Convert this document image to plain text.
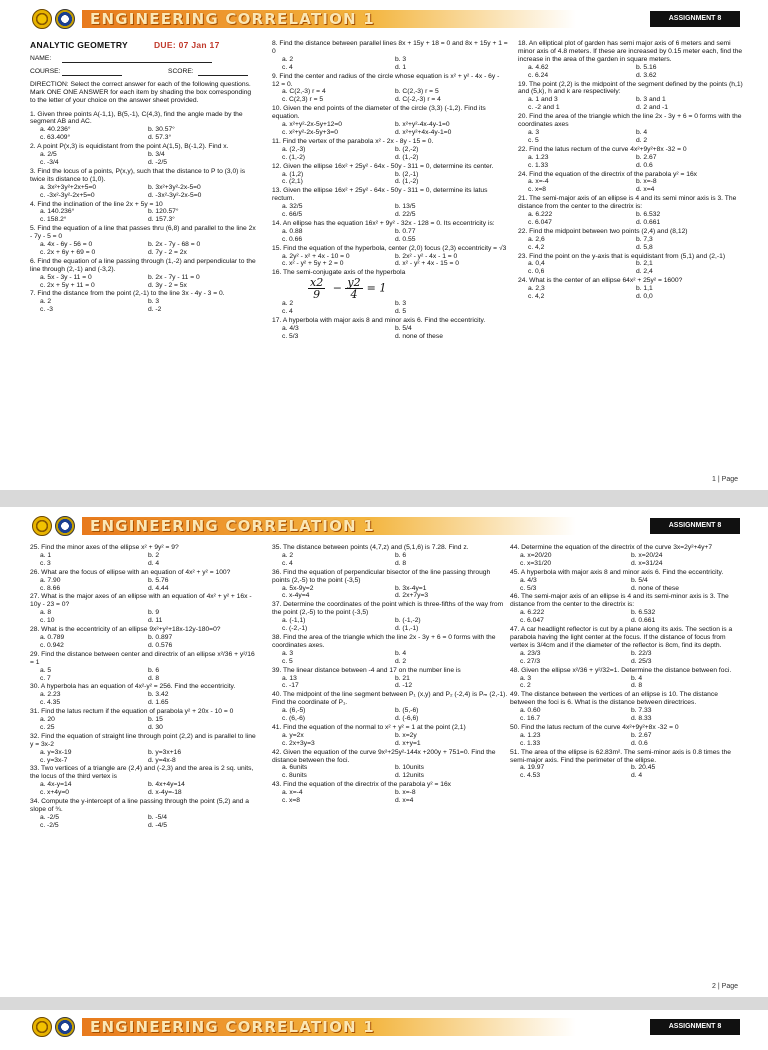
ENGINEERING CORRELATION 1	ASSIGNMENT 8
ANALYTIC GEOMETRY	DUE: 07 Jan 17
NAME:
COURSE:	SCORE:
DIRECTION: Select the correct answer for each of the following questions. Mark ONE ONE ANSWER for each item by shading the box corresponding to the letter of your choice on the answer sheet provided.
1. Given three points A(-1,1), B(5,-1), C(4,3), find the angle made by the segment AB and AC.
a. 40.236°	b. 30.57°
c. 63.409°	d. 57.3°
2. A point P(x,3) is equidistant from the point A(1,5), B(-1,2). Find x.
a. 2/5	b. 3/4
c. -3/4	d. -2/5
3. Find the locus of a points, P(x,y), such that the distance to P to (3,0) is twice its distance to (1,0).
a. 3x²+3y²+2x+5=0	b. 3x²+3y²-2x-5=0
c. -3x²-3y²-2x+5=0	d. -3x²-3y²-2x-5=0
4. Find the inclination of the line 2x + 5y = 10
a. 140.236°	b. 120.57°
c. 158.2°	d. 157.3°
5. Find the equation of a line that passes thru (6,8) and parallel to the line 2x - 7y - 5 = 0
a. 4x - 6y - 56 = 0	b. 2x - 7y - 68 = 0
c. 2x + 6y + 69 = 0	d. 7y - 2 = 2x
6. Find the equation of a line passing through (1,-2) and perpendicular to the line through (2,-1) and (-3,2).
a. 5x - 3y - 11 = 0	b. 2x - 7y - 11 = 0
c. 2x + 5y + 11 = 0	d. 3y - 2 = 5x
7. Find the distance from the point (2,-1) to the line 3x - 4y - 3 = 0.
a. 2	b. 3
c. -3	d. -2
8. Find the distance between parallel lines 8x + 15y + 18 = 0 and 8x + 15y + 1 = 0
a. 2	b. 3
c. 4	d. 1
9. Find the center and radius of the circle whose equation is x² + y² - 4x - 6y - 12 = 0.
a. C(2,-3) r = 4	b. C(2,-3) r = 5
c. C(2,3) r = 5	d. C(-2,-3) r = 4
10. Given the end points of the diameter of the circle (3,3) (-1,2). Find its equation.
a. x²+y²-2x-5y+12=0	b. x²+y²-4x-4y-1=0
c. x²+y²-2x-5y+3=0	d. x²+y²+4x-4y-1=0
11. Find the vertex of the parabola x² - 2x - 8y - 15 = 0.
a. (2,-3)	b. (2,-2)
c. (1,-2)	d. (1,-2)
12. Given the ellipse 16x² + 25y² - 64x - 50y - 311 = 0, determine its center.
a. (1,2)	b. (2,-1)
c. (2,1)	d. (1,-2)
13. Given the ellipse 16x² + 25y² - 64x - 50y - 311 = 0, determine its latus rectum.
a. 32/5	b. 13/5
c. 66/5	d. 22/5
14. An ellipse has the equation 16x² + 9y² - 32x - 128 = 0. Its eccentricity is:
a. 0.88	b. 0.77
c. 0.66	d. 0.55
15. Find the equation of the hyperbola, center (2,0) focus (2,3) eccentricity = √3
a. 2y² - x² + 4x - 10 = 0	b. 2x² - y² - 4x - 1 = 0
c. x² - y² + 5y + 2 = 0	d. x² - y² + 4x - 15 = 0
16. The semi-conjugate axis of the hyperbola
$\frac{x2}{9} - \frac{y2}{4} = 1$
a. 2	b. 3
c. 4	d. 5
17. A hyperbola with major axis 8 and minor axis 6. Find the eccentricity.
a. 4/3	b. 5/4
c. 5/3	d. none of these
18. An elliptical plot of garden has semi major axis of 6 meters and semi minor axis of 4.8 meters. If these are increased by 0.15 meter each, find the increase in the area of the garden in square meters.
a. 4.62	b. 5.16
c. 6.24	d. 3.62
19. The point (2,2) is the midpoint of the segment defined by the points (h,1) and (5,k), h and k are respectively:
a. 1 and 3	b. 3 and 1
c. -2 and 1	d. 2 and -1
20. Find the area of the triangle which the line 2x - 3y + 6 = 0 forms with the coordinates axes
a. 3	b. 4
c. 5	d. 2
22. Find the latus rectum of the curve 4x²+9y²+8x -32 = 0
a. 1.23	b. 2.67
c. 1.33	d. 0.6
24. Find the equation of the directrix of the parabola y² = 16x
a. x=-4	b. x=-8
c. x=8	d. x=4
21. The semi-major axis of an ellipse is 4 and its semi minor axis is 3. The distance from the center to the directrix is:
a. 6.222	b. 6.532
c. 6.047	d. 0.661
22. Find the midpoint between two points (2,4) and (8,12)
a. 2,6	b. 7,3
c. 4,2	d. 5,8
23. Find the point on the y-axis that is equidistant from (5,1) and (2,-1)
a. 0,4	b. 2,1
c. 0,6	d. 2,4
24. What is the center of an ellipse 64x² + 25y² = 1600?
a. 2,3	b. 1,1
c. 4,2	d. 0,0
1 | Page
ENGINEERING CORRELATION 1	ASSIGNMENT 8
25. Find the minor axes of the ellipse x² + 9y² = 9?
a. 1	b. 2
c. 3	d. 4
26. What are the focus of ellipse with an equation of 4x² + y² = 100?
a. 7.90	b. 5.76
c. 8.66	d. 4.44
27. What is the major axes of an ellipse with an equation of 4x² + y² + 16x - 10y - 23 = 0?
a. 8	b. 9
c. 10	d. 11
28. What is the eccentricity of an ellipse 9x²+y²+18x-12y-180=0?
a. 0.789	b. 0.897
c. 0.942	d. 0.576
29. Find the distance between center and directrix of an ellipse x²/36 + y²/16 = 1
a. 5	b. 6
c. 7	d. 8
30. A hyperbola has an equation of 4x²-y² = 256. Find the eccentricity.
a. 2.23	b. 3.42
c. 4.35	d. 1.65
31. Find the latus rectum if the equation of parabola y² + 20x - 10 = 0
a. 20	b. 15
c. 25	d. 30
32. Find the equation of straight line through point (2,2) and is parallel to line y = 3x-2
a. y=3x-19	b. y=3x+16
c. y=3x-7	d. y=4x-8
33. Two vertices of a triangle are (2,4) and (-2,3) and the area is 2 sq. units, the locus of the third vertex is
a. 4x-y=14	b. 4x+4y=14
c. x+4y=0	d. x-4y=-18
34. Compute the y-intercept of a line passing through the point (5,2) and a slope of ¾.
a. -2/5	b. -5/4
c. -2/5	d. -4/5
35. The distance between points (4,7,z) and (5,1,6) is 7.28. Find z.
a. 2	b. 6
c. 4	d. 8
36. Find the equation of perpendicular bisector of the line passing through points (2,-5) to the point (-3,5)
a. 5x-9y=2	b. 3x-4y=1
c. x-4y=4	d. 2x+7y=3
37. Determine the coordinates of the point which is three-fifths of the way from the point (2,-5) to the point (-3,5)
a. (-1,1)	b. (-1,-2)
c. (-2,-1)	d. (1,-1)
38. Find the area of the triangle which the line 2x - 3y + 6 = 0 forms with the coordinates axes.
a. 3	b. 4
c. 5	d. 2
39. The linear distance between -4 and 17 on the number line is
a. 13	b. 21
c. -17	d. -12
40. The midpoint of the line segment between P₁ (x,y) and P₂ (-2,4) is Pₘ (2,-1). Find the coordinate of P₁.
a. (6,-5)	b. (5,-6)
c. (6,-6)	d. (-6,6)
41. Find the equation of the normal to x² + y² = 1 at the point (2,1)
a. y=2x	b. x=2y
c. 2x+3y=3	d. x+y=1
42. Given the equation of the curve 9x²+25y²-144x +200y + 751=0. Find the distance between the foci.
a. 6units	b. 10units
c. 8units	d. 12units
43. Find the equation of the directrix of the parabola y² = 16x
a. x=-4	b. x=-8
c. x=8	d. x=4
44. Determine the equation of the directrix of the curve 3x=2y²+4y+7
a. x=20/20	b. x=20/24
c. x=31/20	d. x=31/24
45. A hyperbola with major axis 8 and minor axis 6. Find the eccentricity.
a. 4/3	b. 5/4
c. 5/3	d. none of these
46. The semi-major axis of an ellipse is 4 and its semi-minor axis is 3. The distance from the center to the directrix is:
a. 6.222	b. 6.532
c. 6.047	d. 0.661
47. A car headlight reflector is cut by a plane along its axis. The section is a parabola having the light center at the focus. If the distance of focus from vertex is 3/4cm and if the diameter of the reflector is 8cm, find its depth.
a. 23/3	b. 22/3
c. 27/3	d. 25/3
48. Given the ellipse x²/36 + y²/32=1. Determine the distance between foci.
a. 3	b. 4
c. 2	d. 8
49. The distance between the vertices of an ellipse is 10. The distance between the foci is 6. What is the distance between directrices.
a. 0.60	b. 7.33
c. 16.7	d. 8.33
50. Find the latus rectum of the curve 4x²+9y²+8x -32 = 0
a. 1.23	b. 2.67
c. 1.33	d. 0.6
51. The area of the ellipse is 62.83m². The semi-minor axis is 0.8 times the semi-major axis. Find the perimeter of the ellipse.
a. 19.97	b. 20.45
c. 4.53	d. 4
2 | Page
ENGINEERING CORRELATION 1	ASSIGNMENT 8
